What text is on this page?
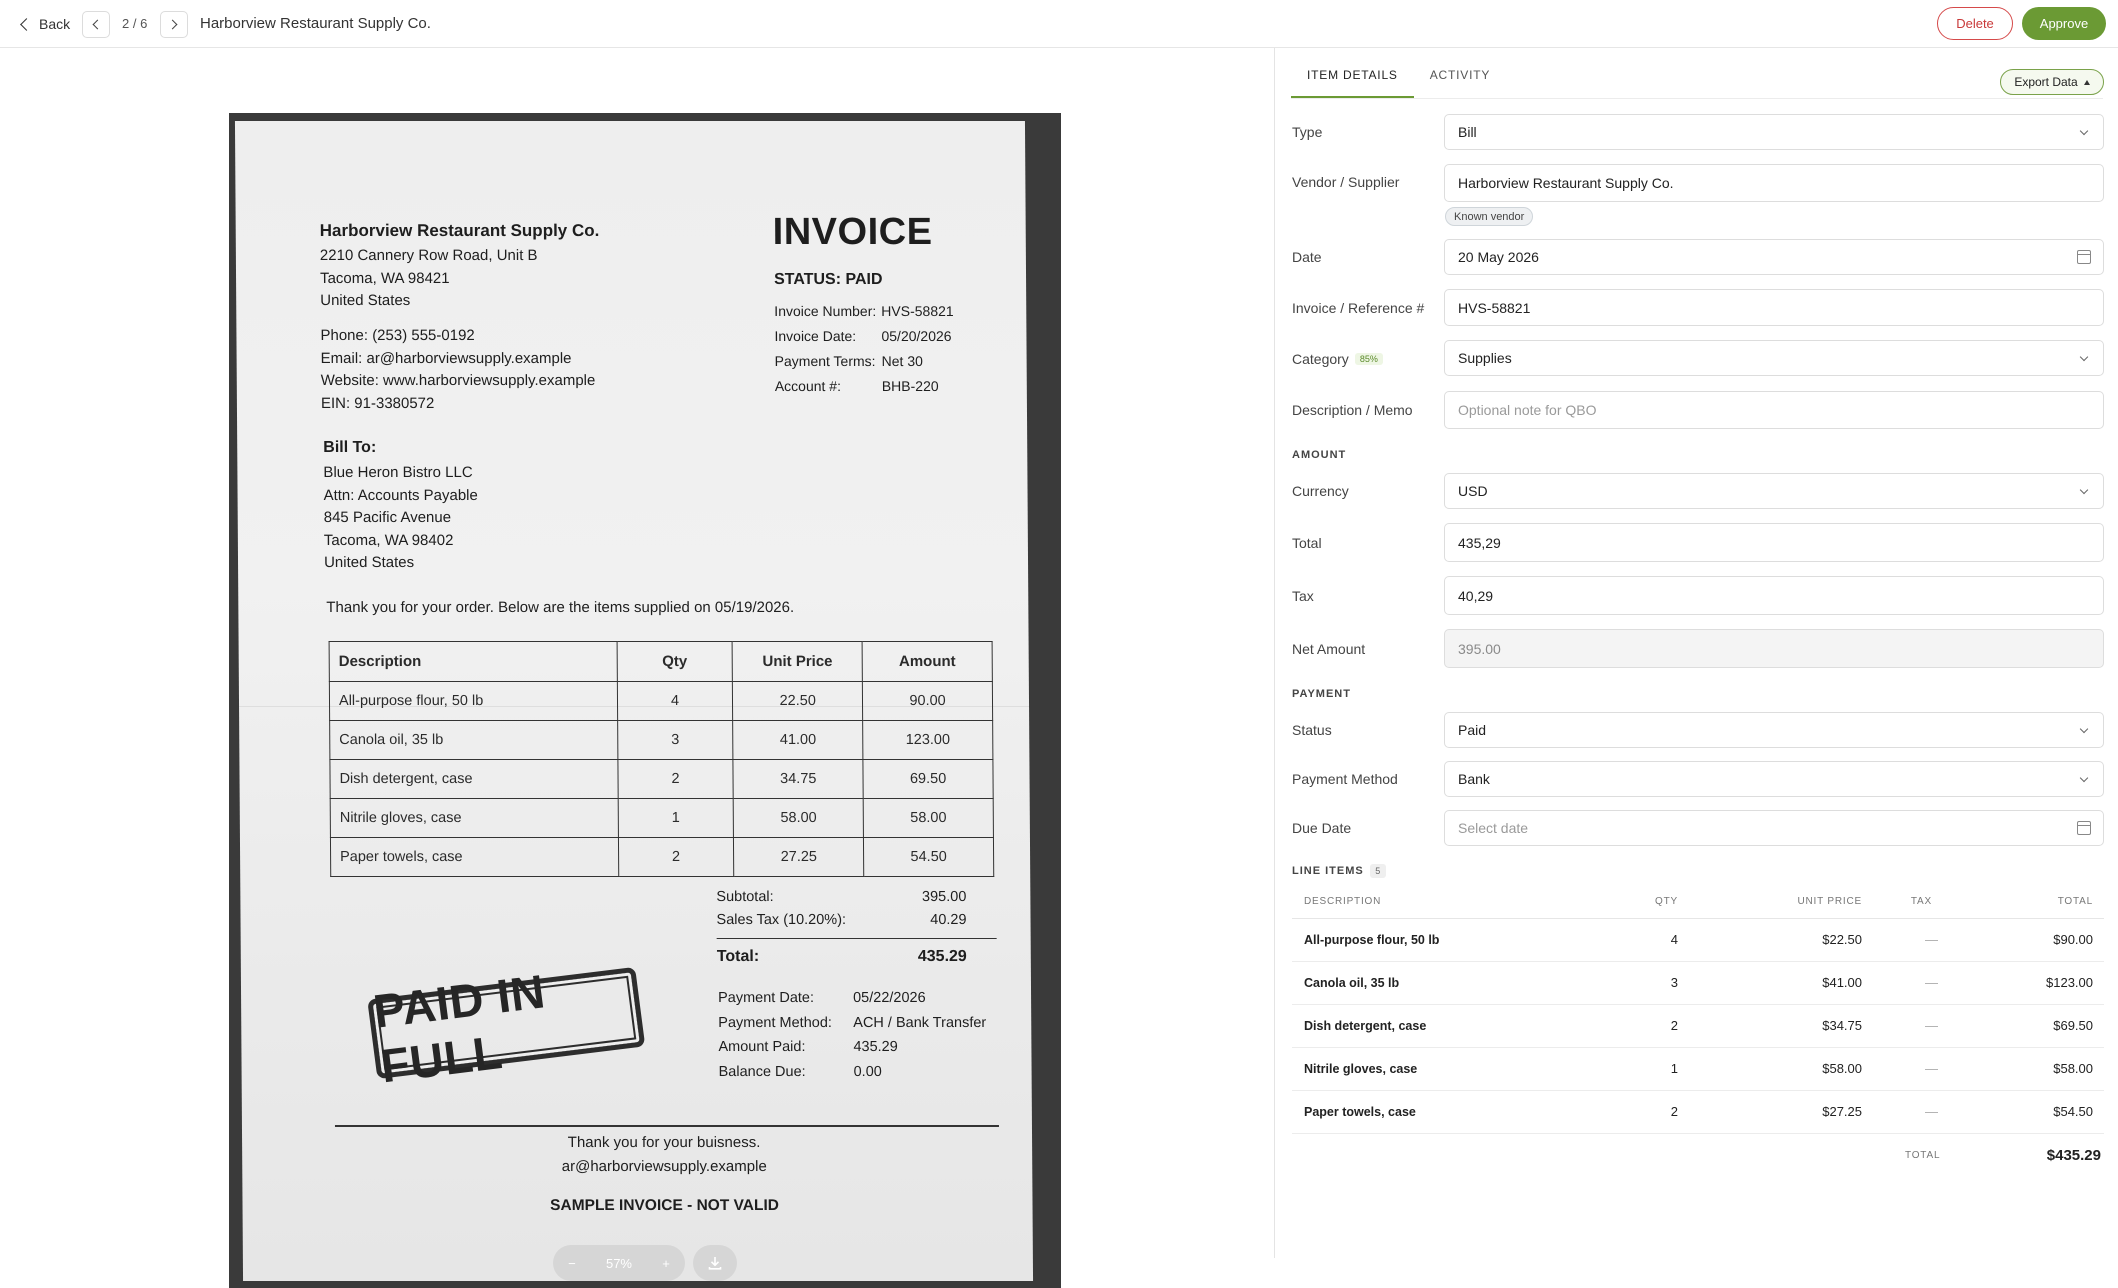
Back	2 / 6	Harborview Restaurant Supply Co.	Delete	Approve
Harborview Restaurant Supply Co.
2210 Cannery Row Road, Unit B
Tacoma, WA 98421
United States
Phone: (253) 555-0192
Email: ar@harborviewsupply.example
Website: www.harborviewsupply.example
EIN: 91-3380572
Bill To:
Blue Heron Bistro LLC
Attn: Accounts Payable
845 Pacific Avenue
Tacoma, WA 98402
United States
INVOICE
STATUS: PAID
Invoice Number: HVS-58821
Invoice Date:	05/20/2026
Payment Terms: Net 30
Account #:	BHB-220
Thank you for your order. Below are the items supplied on 05/19/2026.
Description	Qty	Unit Price	Amount
All-purpose flour, 50 lb	4	22.50	90.00
Canola oil, 35 lb	3	41.00	123.00
Dish detergent, case	2	34.75	69.50
Nitrile gloves, case	1	58.00	58.00
Paper towels, case	2	27.25	54.50
Subtotal:	395.00
Sales Tax (10.20%):	40.29
Total:	435.29
PAID IN FULL
Payment Date:	05/22/2026
Payment Method:	ACH / Bank Transfer
Amount Paid:	435.29
Balance Due:	0.00
Thank you for your buisness.
ar@harborviewsupply.example
SAMPLE INVOICE - NOT VALID
− 57% +
ITEM DETAILS	ACTIVITY	Export Data
Type	Bill
Vendor / Supplier	Harborview Restaurant Supply Co.
Known vendor
Date	20 May 2026
Invoice / Reference # HVS-58821
Category 85%	Supplies
Description / Memo	Optional note for QBO
AMOUNT
Currency	USD
Total	435,29
Tax	40,29
Net Amount	395.00
PAYMENT
Status	Paid
Payment Method	Bank
Due Date	Select date
LINE ITEMS 5
DESCRIPTION	QTY	UNIT PRICE	TAX	TOTAL
All-purpose flour, 50 lb	4	$22.50	—	$90.00
Canola oil, 35 lb	3	$41.00	—	$123.00
Dish detergent, case	2	$34.75	—	$69.50
Nitrile gloves, case	1	$58.00	—	$58.00
Paper towels, case	2	$27.25	—	$54.50
TOTAL	$435.29
